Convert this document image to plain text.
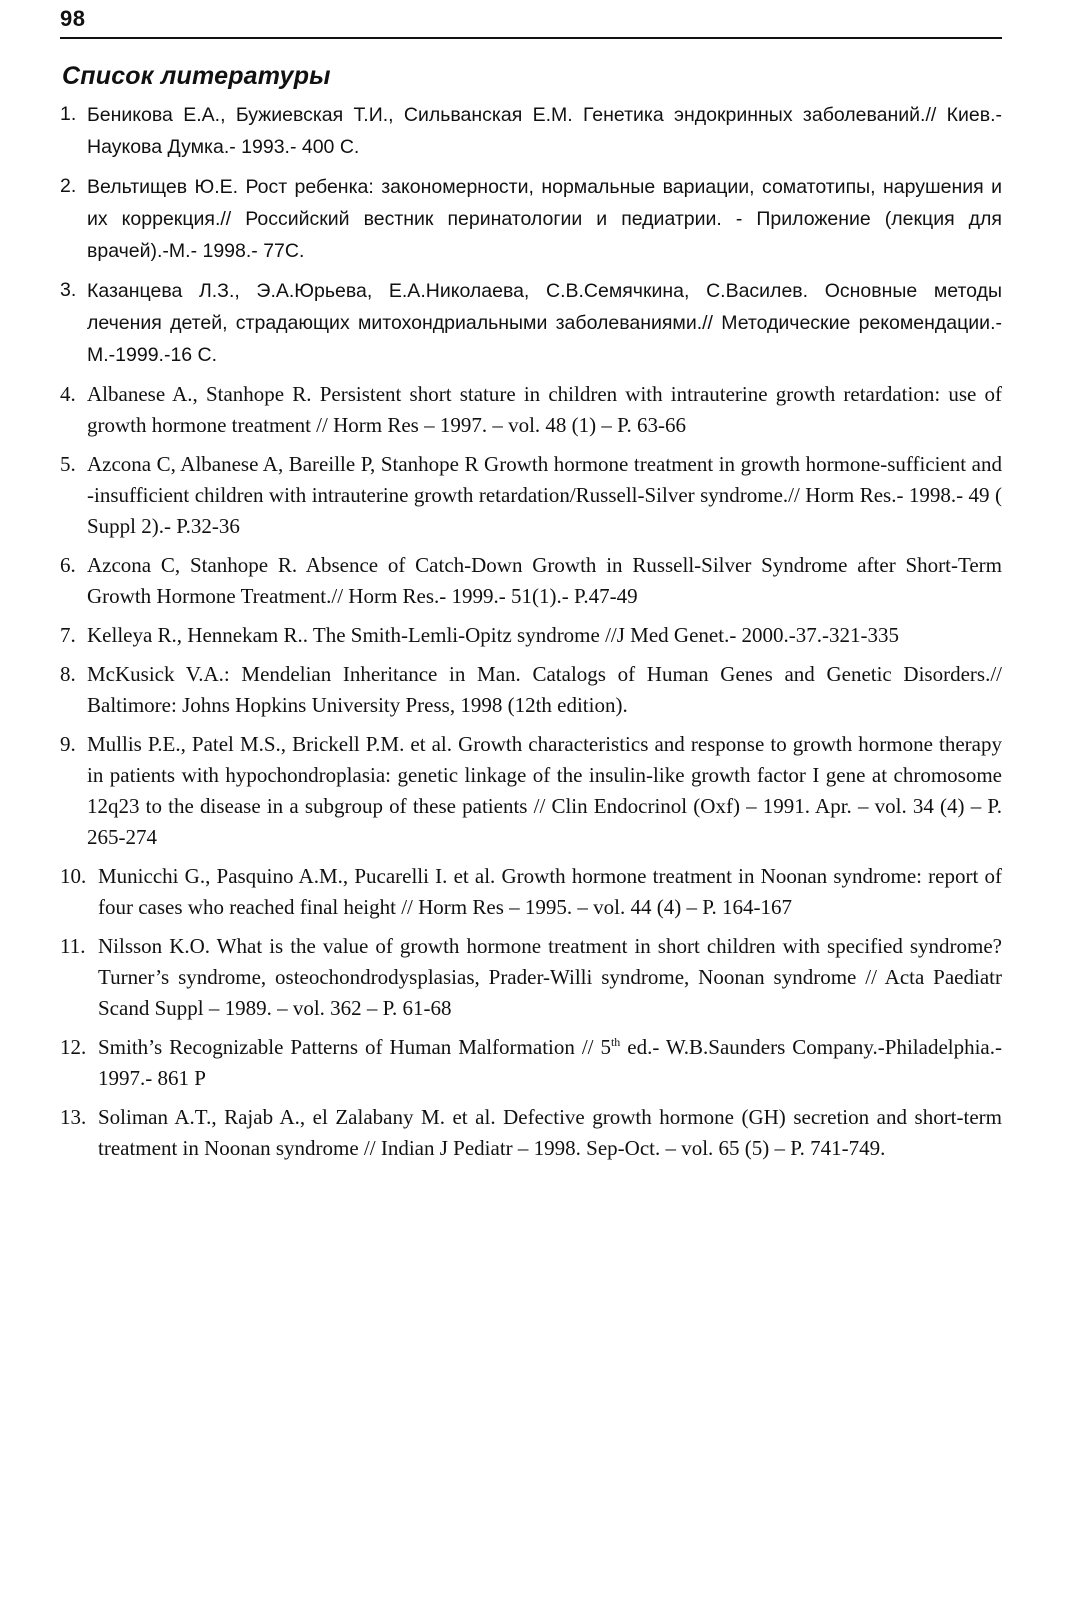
98
Список литературы
1. Беникова Е.А., Бужиевская Т.И., Сильванская Е.М. Генетика эндокринных заболеваний.// Киев.- Наукова Думка.- 1993.- 400 С.
2. Вельтищев Ю.Е. Рост ребенка: закономерности, нормальные вариации, соматотипы, нарушения и их коррекция.// Российский вестник перинатологии и педиатрии. - Приложение (лекция для врачей).-М.- 1998.- 77С.
3. Казанцева Л.З., Э.А.Юрьева, Е.А.Николаева, С.В.Семячкина, С.Василев. Основные методы лечения детей, страдающих митохондриальными заболеваниями.// Методические рекомендации.- М.-1999.-16 С.
4. Albanese A., Stanhope R. Persistent short stature in children with intrauterine growth retardation: use of growth hormone treatment // Horm Res – 1997. – vol. 48 (1) – P. 63-66
5. Azcona C, Albanese A, Bareille P, Stanhope R Growth hormone treatment in growth hormone-sufficient and -insufficient children with intrauterine growth retardation/Russell-Silver syndrome.// Horm Res.- 1998.- 49 ( Suppl 2).- P.32-36
6. Azcona C, Stanhope R. Absence of Catch-Down Growth in Russell-Silver Syndrome after Short-Term Growth Hormone Treatment.// Horm Res.- 1999.- 51(1).- P.47-49
7. Kelleya R., Hennekam R.. The Smith-Lemli-Opitz syndrome //J Med Genet.- 2000.-37.-321-335
8. McKusick V.A.: Mendelian Inheritance in Man. Catalogs of Human Genes and Genetic Disorders.// Baltimore: Johns Hopkins University Press, 1998 (12th edition).
9. Mullis P.E., Patel M.S., Brickell P.M. et al. Growth characteristics and response to growth hormone therapy in patients with hypochondroplasia: genetic linkage of the insulin-like growth factor I gene at chromosome 12q23 to the disease in a subgroup of these patients // Clin Endocrinol (Oxf) – 1991. Apr. – vol. 34 (4) – P. 265-274
10. Municchi G., Pasquino A.M., Pucarelli I. et al. Growth hormone treatment in Noonan syndrome: report of four cases who reached final height // Horm Res – 1995. – vol. 44 (4) – P. 164-167
11. Nilsson K.O. What is the value of growth hormone treatment in short children with specified syndrome? Turner’s syndrome, osteochondrodysplasias, Prader-Willi syndrome, Noonan syndrome // Acta Paediatr Scand Suppl – 1989. – vol. 362 – P. 61-68
12. Smith’s Recognizable Patterns of Human Malformation // 5th ed.- W.B.Saunders Company.-Philadelphia.- 1997.- 861 P
13. Soliman A.T., Rajab A., el Zalabany M. et al. Defective growth hormone (GH) secretion and short-term treatment in Noonan syndrome // Indian J Pediatr – 1998. Sep-Oct. – vol. 65 (5) – P. 741-749.
